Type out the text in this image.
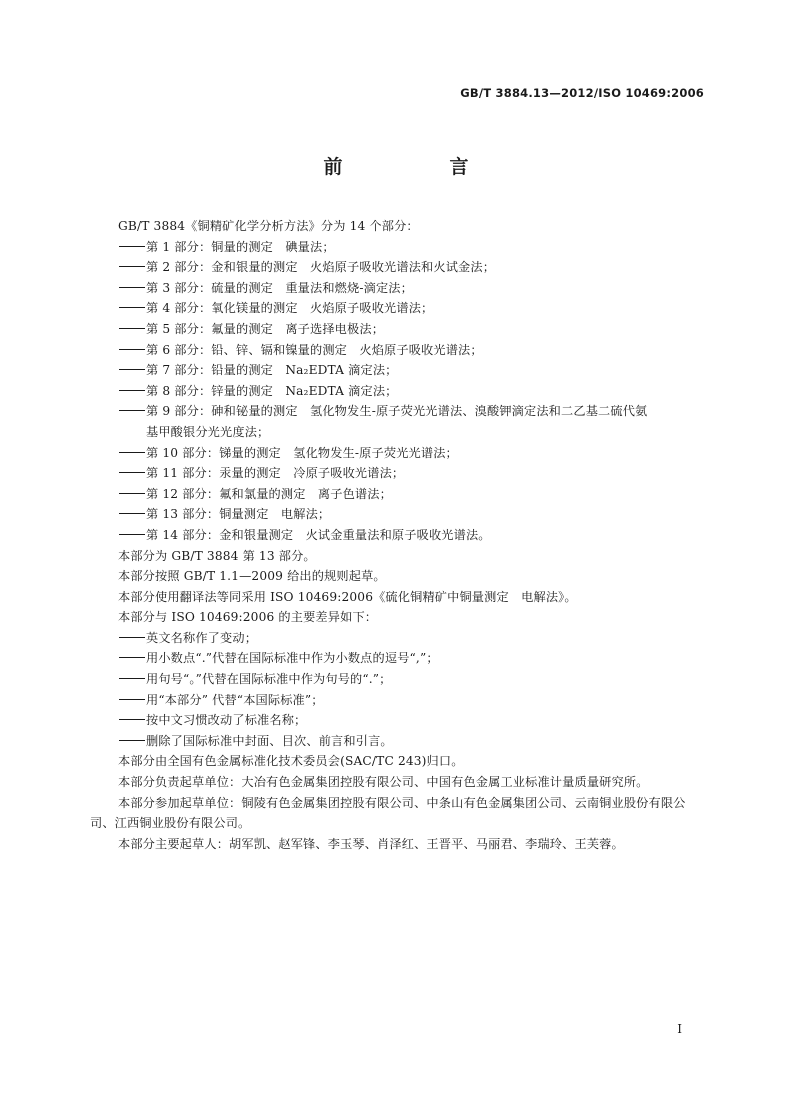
GB/T 3884.13—2012/ISO 10469:2006
前　言

GB/T 3884《铜精矿化学分析方法》分为 14 个部分：

第 1 部分：铜量的测定　碘量法；

第 2 部分：金和银量的测定　火焰原子吸收光谱法和火试金法；

第 3 部分：硫量的测定　重量法和燃烧-滴定法；

第 4 部分：氧化镁量的测定　火焰原子吸收光谱法；

第 5 部分：氟量的测定　离子选择电极法；

第 6 部分：铅、锌、镉和镍量的测定　火焰原子吸收光谱法；

第 7 部分：铅量的测定　Na₂EDTA 滴定法；

第 8 部分：锌量的测定　Na₂EDTA 滴定法；

第 9 部分：砷和铋量的测定　氢化物发生-原子荧光光谱法、溴酸钾滴定法和二乙基二硫代氨

基甲酸银分光光度法；

第 10 部分：锑量的测定　氢化物发生-原子荧光光谱法；

第 11 部分：汞量的测定　冷原子吸收光谱法；

第 12 部分：氟和氯量的测定　离子色谱法；

第 13 部分：铜量测定　电解法；

第 14 部分：金和银量测定　火试金重量法和原子吸收光谱法。

本部分为 GB/T 3884 第 13 部分。

本部分按照 GB/T 1.1—2009 给出的规则起草。

本部分使用翻译法等同采用 ISO 10469:2006《硫化铜精矿中铜量测定　电解法》。

本部分与 ISO 10469:2006 的主要差异如下：

英文名称作了变动；

用小数点“.”代替在国际标准中作为小数点的逗号“,”；

用句号“。”代替在国际标准中作为句号的“.”；

用“本部分” 代替“本国际标准”；

按中文习惯改动了标准名称；

删除了国际标准中封面、目次、前言和引言。

本部分由全国有色金属标准化技术委员会(SAC/TC 243)归口。

本部分负责起草单位：大冶有色金属集团控股有限公司、中国有色金属工业标准计量质量研究所。

本部分参加起草单位：铜陵有色金属集团控股有限公司、中条山有色金属集团公司、云南铜业股份有限公司、江西铜业股份有限公司。

本部分主要起草人：胡军凯、赵军锋、李玉琴、肖泽红、王晋平、马丽君、李瑞玲、王芙蓉。

I
